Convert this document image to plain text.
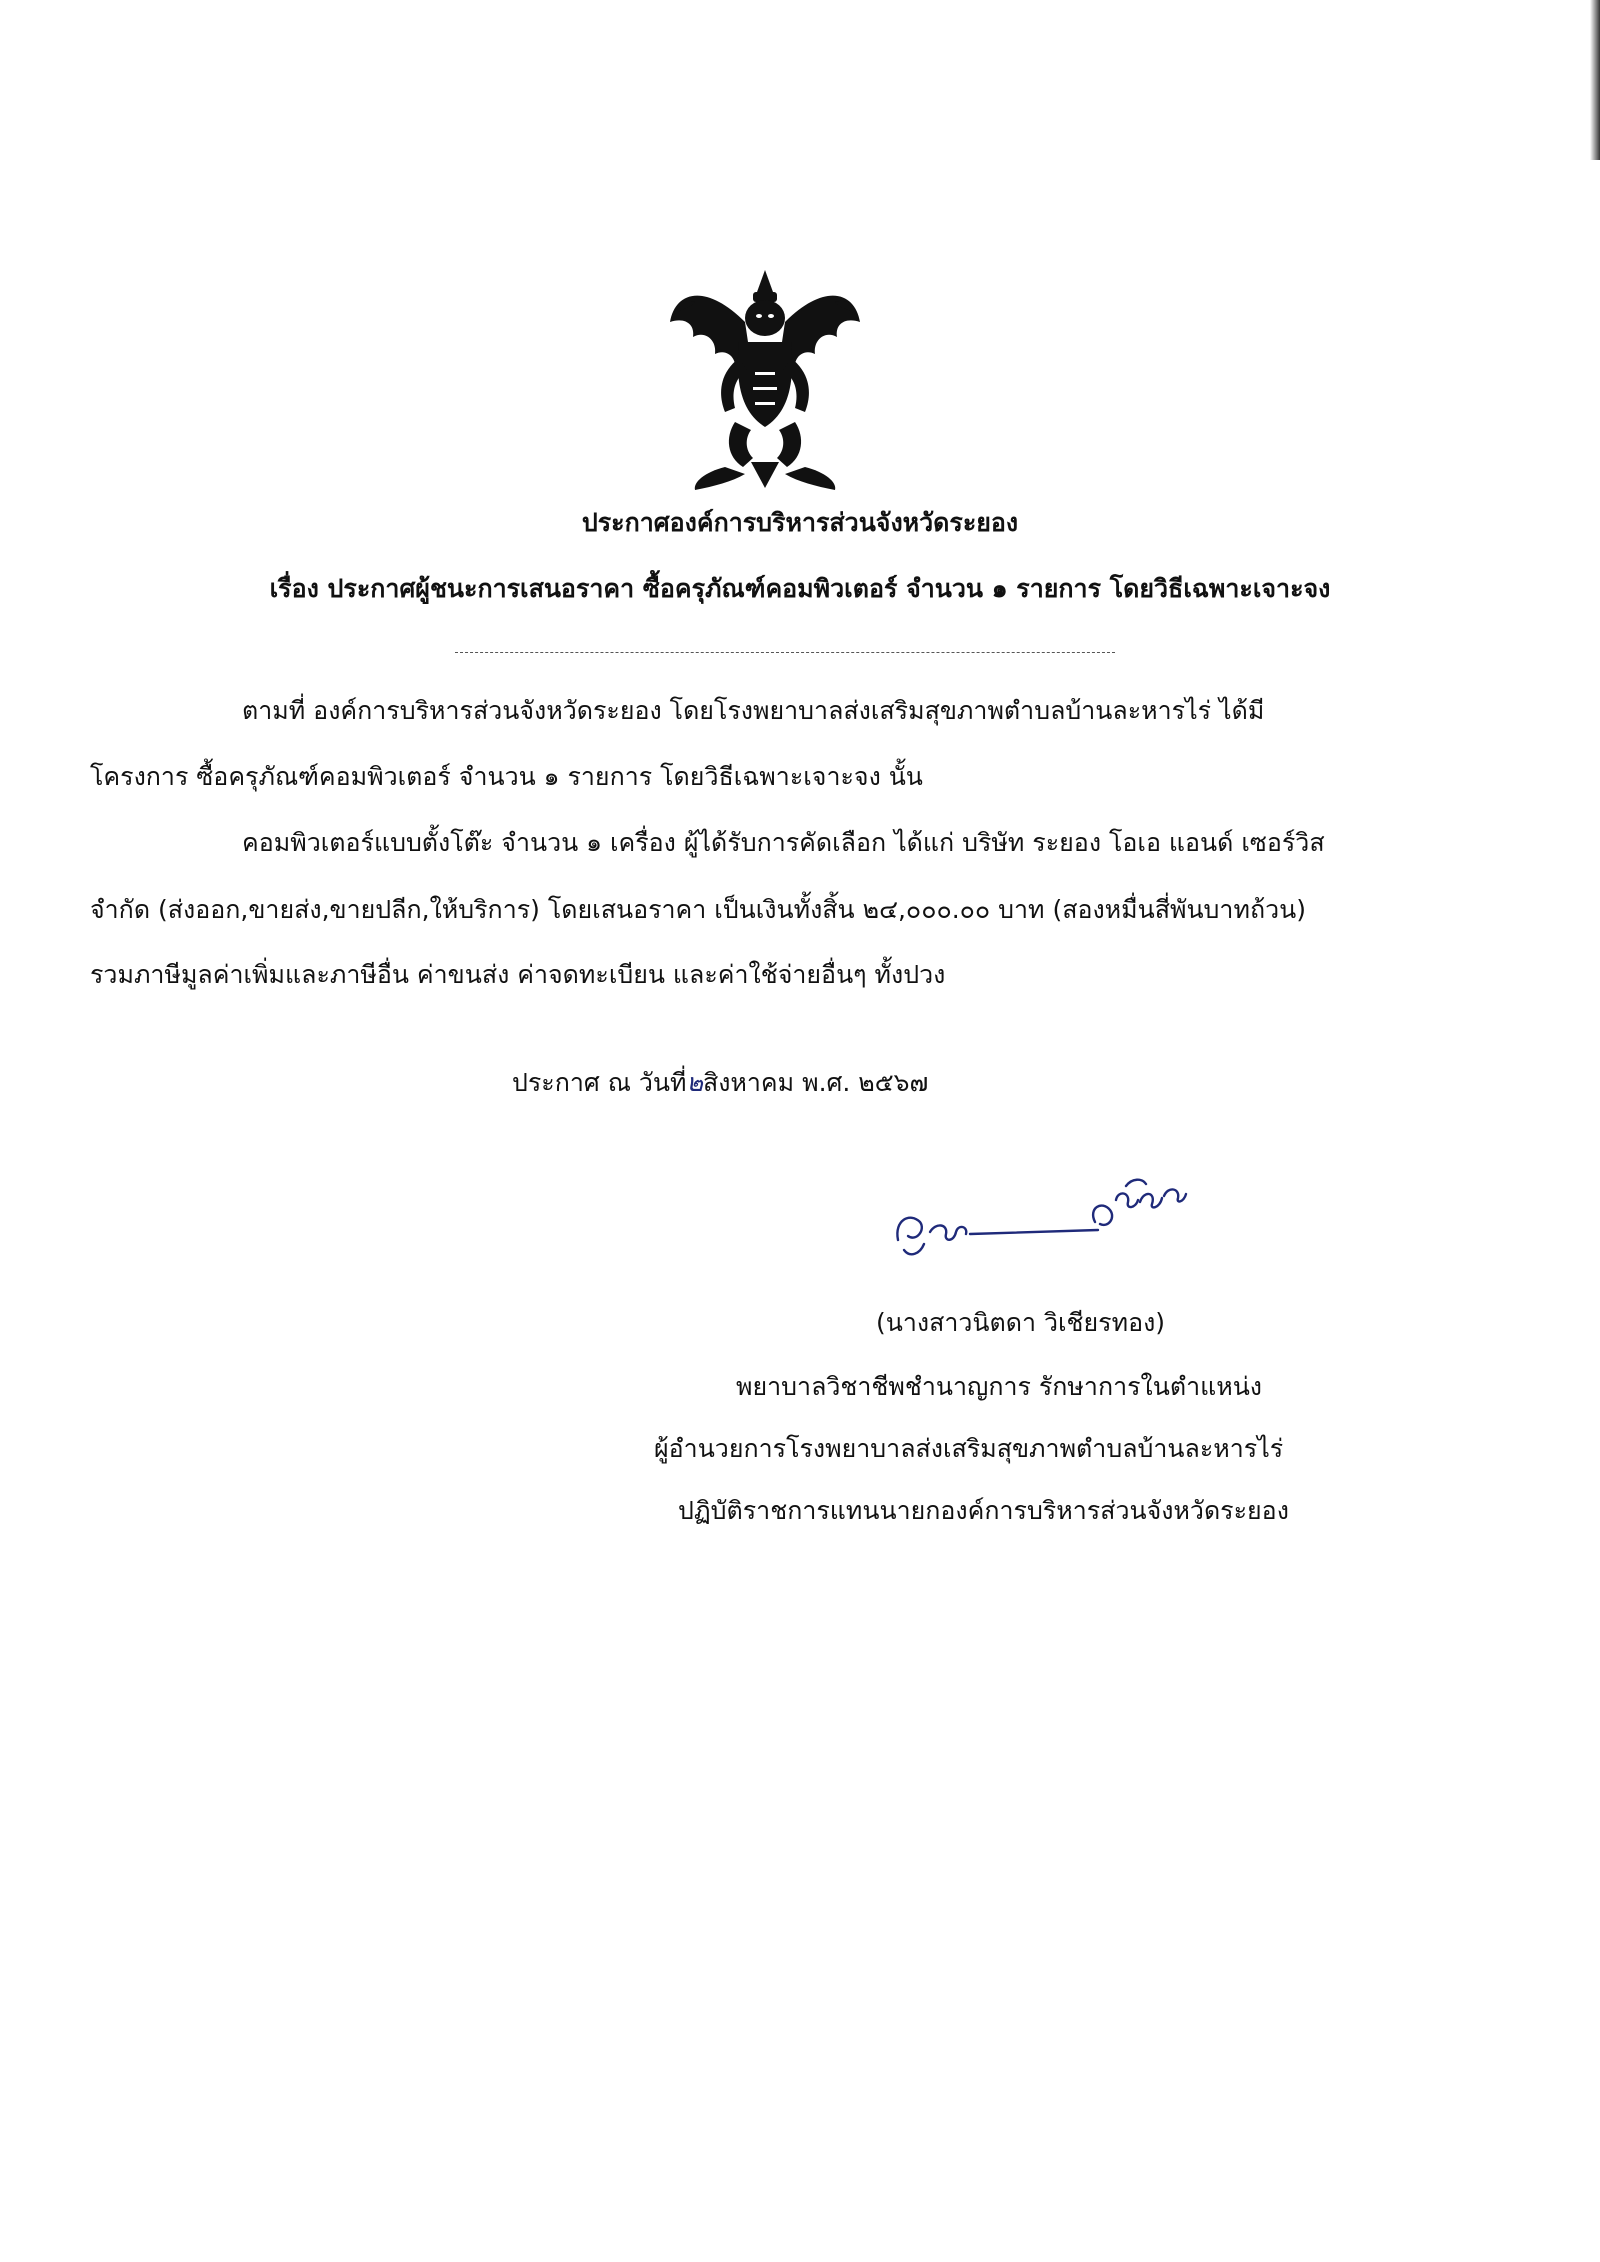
ประกาศองค์การบริหารส่วนจังหวัดระยอง
เรื่อง ประกาศผู้ชนะการเสนอราคา ซื้อครุภัณฑ์คอมพิวเตอร์ จำนวน ๑ รายการ โดยวิธีเฉพาะเจาะจง
ตามที่ องค์การบริหารส่วนจังหวัดระยอง โดยโรงพยาบาลส่งเสริมสุขภาพตำบลบ้านละหารไร่ ได้มี
โครงการ ซื้อครุภัณฑ์คอมพิวเตอร์ จำนวน ๑ รายการ โดยวิธีเฉพาะเจาะจง นั้น
คอมพิวเตอร์แบบตั้งโต๊ะ จำนวน ๑ เครื่อง ผู้ได้รับการคัดเลือก ได้แก่ บริษัท ระยอง โอเอ แอนด์ เซอร์วิส
จำกัด (ส่งออก,ขายส่ง,ขายปลีก,ให้บริการ) โดยเสนอราคา เป็นเงินทั้งสิ้น ๒๔,๐๐๐.๐๐ บาท (สองหมื่นสี่พันบาทถ้วน)
รวมภาษีมูลค่าเพิ่มและภาษีอื่น ค่าขนส่ง ค่าจดทะเบียน และค่าใช้จ่ายอื่นๆ ทั้งปวง
ประกาศ ณ วันที่๒สิงหาคม พ.ศ. ๒๕๖๗
(นางสาวนิตดา วิเชียรทอง)
พยาบาลวิชาชีพชำนาญการ รักษาการในตำแหน่ง
ผู้อำนวยการโรงพยาบาลส่งเสริมสุขภาพตำบลบ้านละหารไร่
ปฏิบัติราชการแทนนายกองค์การบริหารส่วนจังหวัดระยอง
